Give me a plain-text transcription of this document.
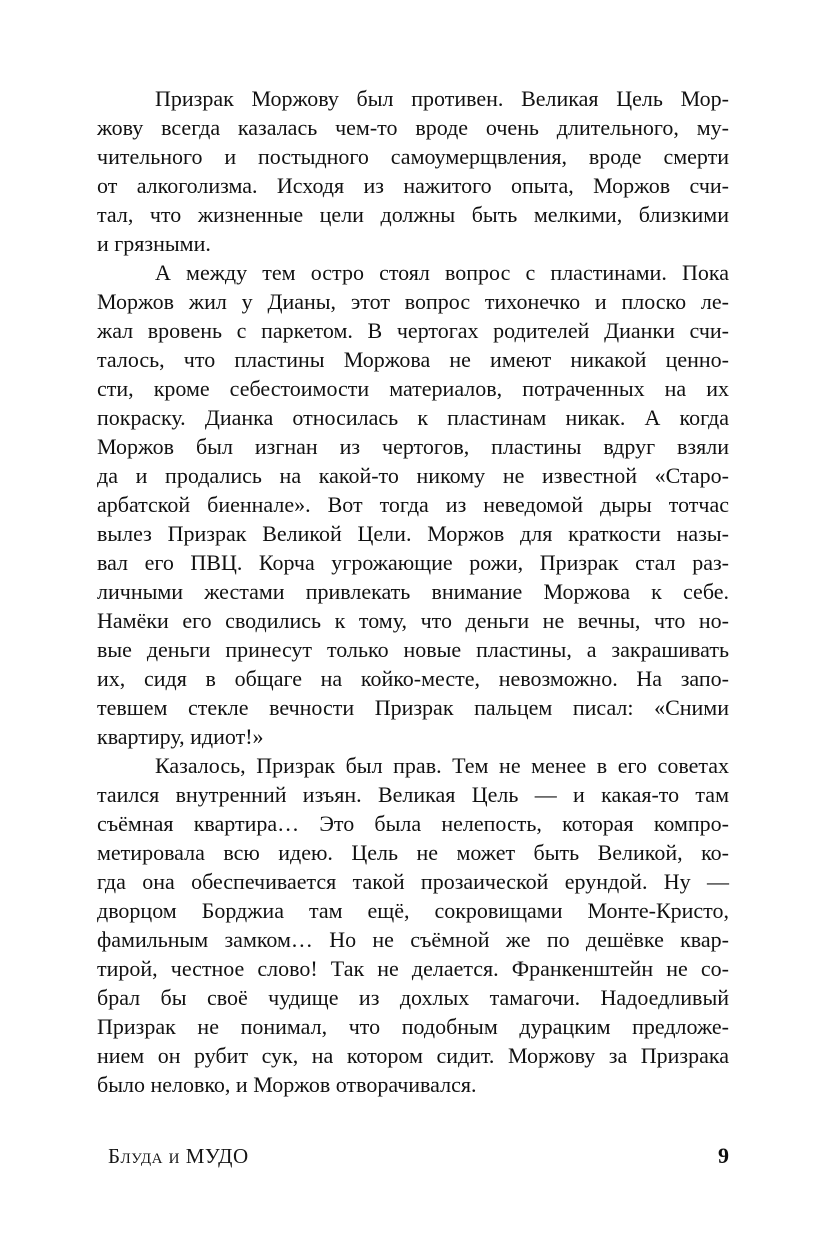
Призрак Моржову был противен. Великая Цель Мор-
жову всегда казалась чем-то вроде очень длительного, му-
чительного и постыдного самоумерщвления, вроде смерти
от алкоголизма. Исходя из нажитого опыта, Моржов счи-
тал, что жизненные цели должны быть мелкими, близкими
и грязными.
А между тем остро стоял вопрос с пластинами. Пока
Моржов жил у Дианы, этот вопрос тихонечко и плоско ле-
жал вровень с паркетом. В чертогах родителей Дианки счи-
талось, что пластины Моржова не имеют никакой ценно-
сти, кроме себестоимости материалов, потраченных на их
покраску. Дианка относилась к пластинам никак. А когда
Моржов был изгнан из чертогов, пластины вдруг взяли
да и продались на какой-то никому не известной «Старо-
арбатской биеннале». Вот тогда из неведомой дыры тотчас
вылез Призрак Великой Цели. Моржов для краткости назы-
вал его ПВЦ. Корча угрожающие рожи, Призрак стал раз-
личными жестами привлекать внимание Моржова к себе.
Намёки его сводились к тому, что деньги не вечны, что но-
вые деньги принесут только новые пластины, а закрашивать
их, сидя в общаге на койко-месте, невозможно. На запо-
тевшем стекле вечности Призрак пальцем писал: «Сними
квартиру, идиот!»
Казалось, Призрак был прав. Тем не менее в его советах
таился внутренний изъян. Великая Цель — и какая-то там
съёмная квартира… Это была нелепость, которая компро-
метировала всю идею. Цель не может быть Великой, ко-
гда она обеспечивается такой прозаической ерундой. Ну —
дворцом Борджиа там ещё, сокровищами Монте-Кристо,
фамильным замком… Но не съёмной же по дешёвке квар-
тирой, честное слово! Так не делается. Франкенштейн не со-
брал бы своё чудище из дохлых тамагочи. Надоедливый
Призрак не понимал, что подобным дурацким предложе-
нием он рубит сук, на котором сидит. Моржову за Призрака
было неловко, и Моржов отворачивался.
Блуда и МУДО	9
